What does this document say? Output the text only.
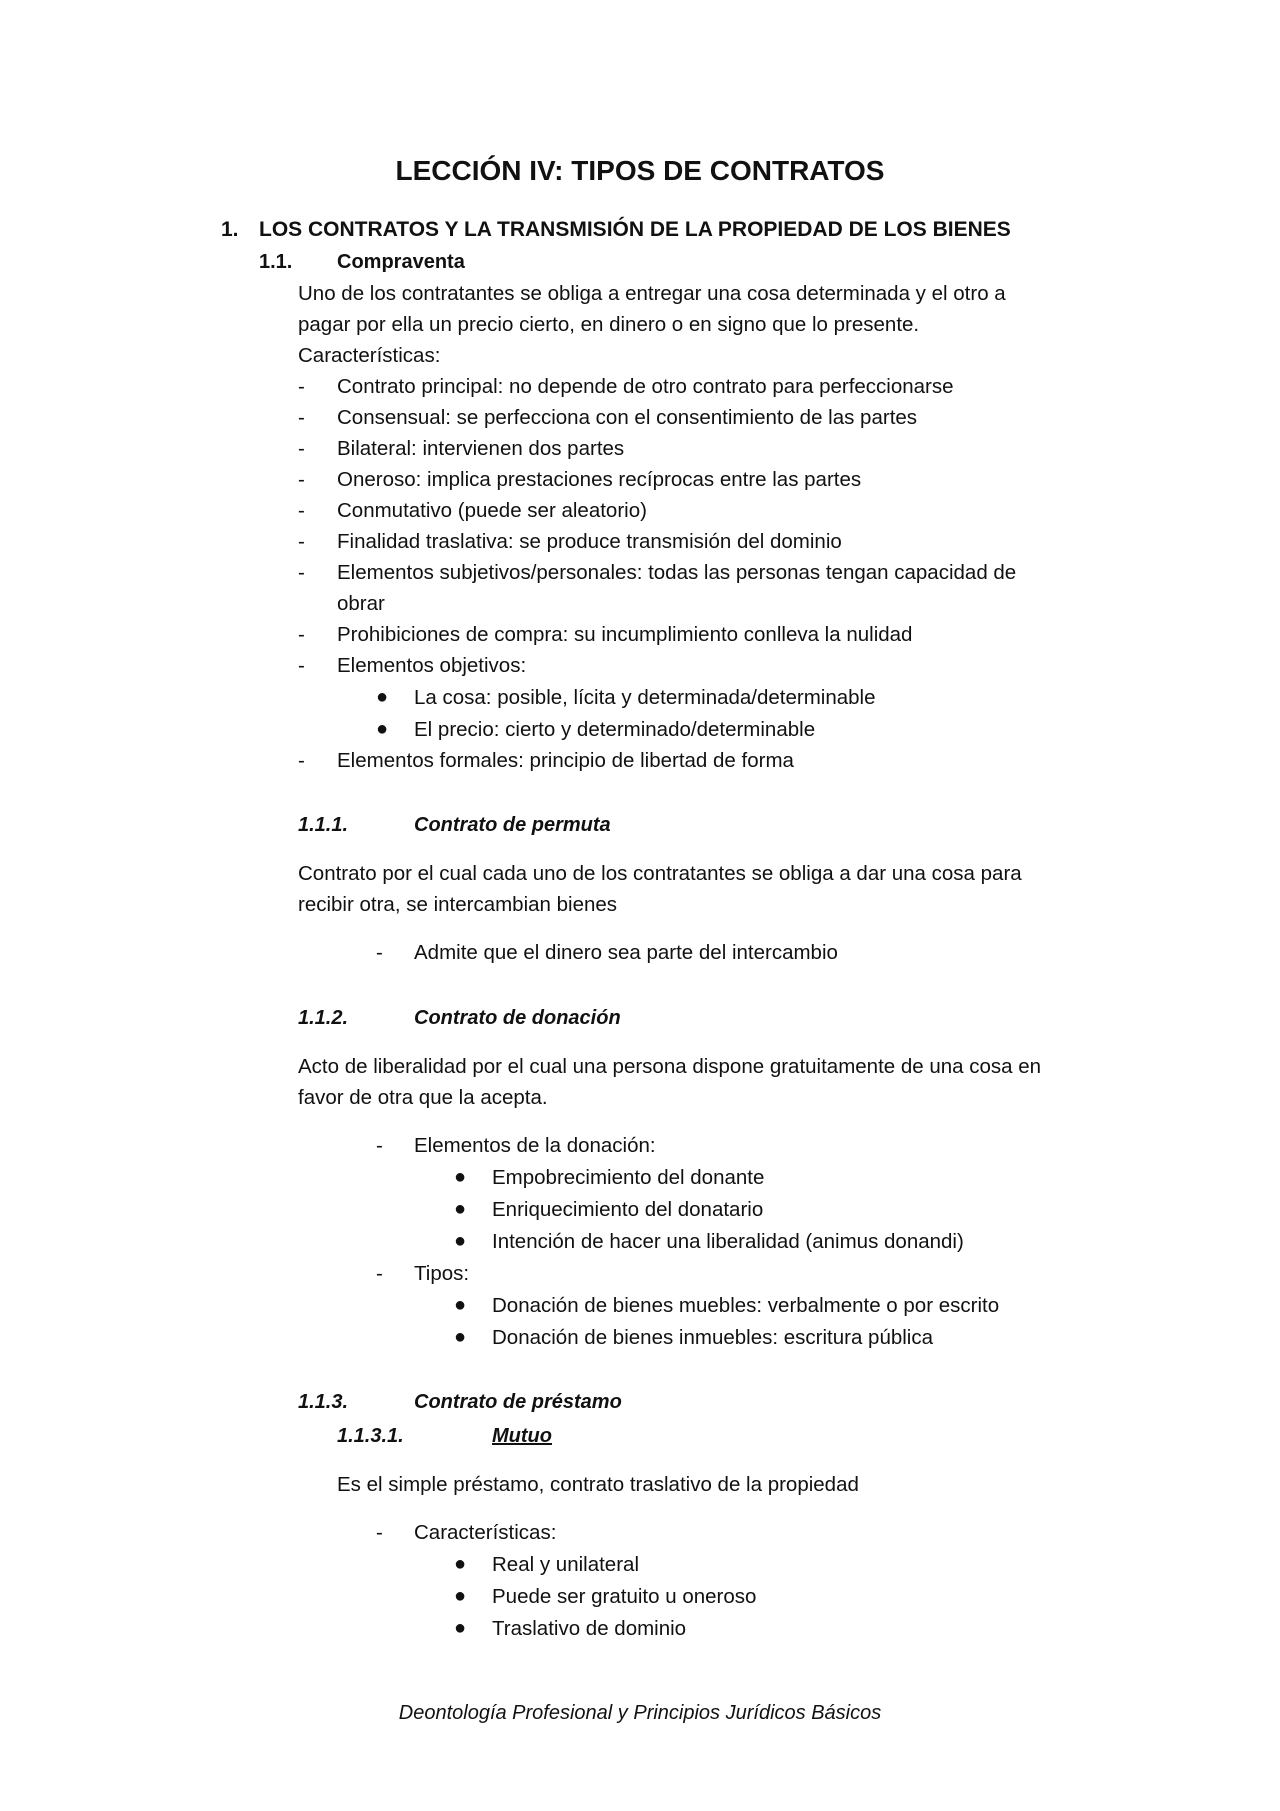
LECCIÓN IV: TIPOS DE CONTRATOS
1. LOS CONTRATOS Y LA TRANSMISIÓN DE LA PROPIEDAD DE LOS BIENES
1.1. Compraventa
Uno de los contratantes se obliga a entregar una cosa determinada y el otro a
pagar por ella un precio cierto, en dinero o en signo que lo presente.
Características:
- Contrato principal: no depende de otro contrato para perfeccionarse
- Consensual: se perfecciona con el consentimiento de las partes
- Bilateral: intervienen dos partes
- Oneroso: implica prestaciones recíprocas entre las partes
- Conmutativo (puede ser aleatorio)
- Finalidad traslativa: se produce transmisión del dominio
- Elementos subjetivos/personales: todas las personas tengan capacidad de
obrar
- Prohibiciones de compra: su incumplimiento conlleva la nulidad
- Elementos objetivos:
● La cosa: posible, lícita y determinada/determinable
● El precio: cierto y determinado/determinable
- Elementos formales: principio de libertad de forma
1.1.1.	Contrato de permuta
Contrato por el cual cada uno de los contratantes se obliga a dar una cosa para
recibir otra, se intercambian bienes
- Admite que el dinero sea parte del intercambio
1.1.2.	Contrato de donación
Acto de liberalidad por el cual una persona dispone gratuitamente de una cosa en
favor de otra que la acepta.
- Elementos de la donación:
● Empobrecimiento del donante
● Enriquecimiento del donatario
● Intención de hacer una liberalidad (animus donandi)
- Tipos:
● Donación de bienes muebles: verbalmente o por escrito
● Donación de bienes inmuebles: escritura pública
1.1.3.	Contrato de préstamo
1.1.3.1.	Mutuo
Es el simple préstamo, contrato traslativo de la propiedad
- Características:
● Real y unilateral
● Puede ser gratuito u oneroso
● Traslativo de dominio
Deontología Profesional y Principios Jurídicos Básicos
